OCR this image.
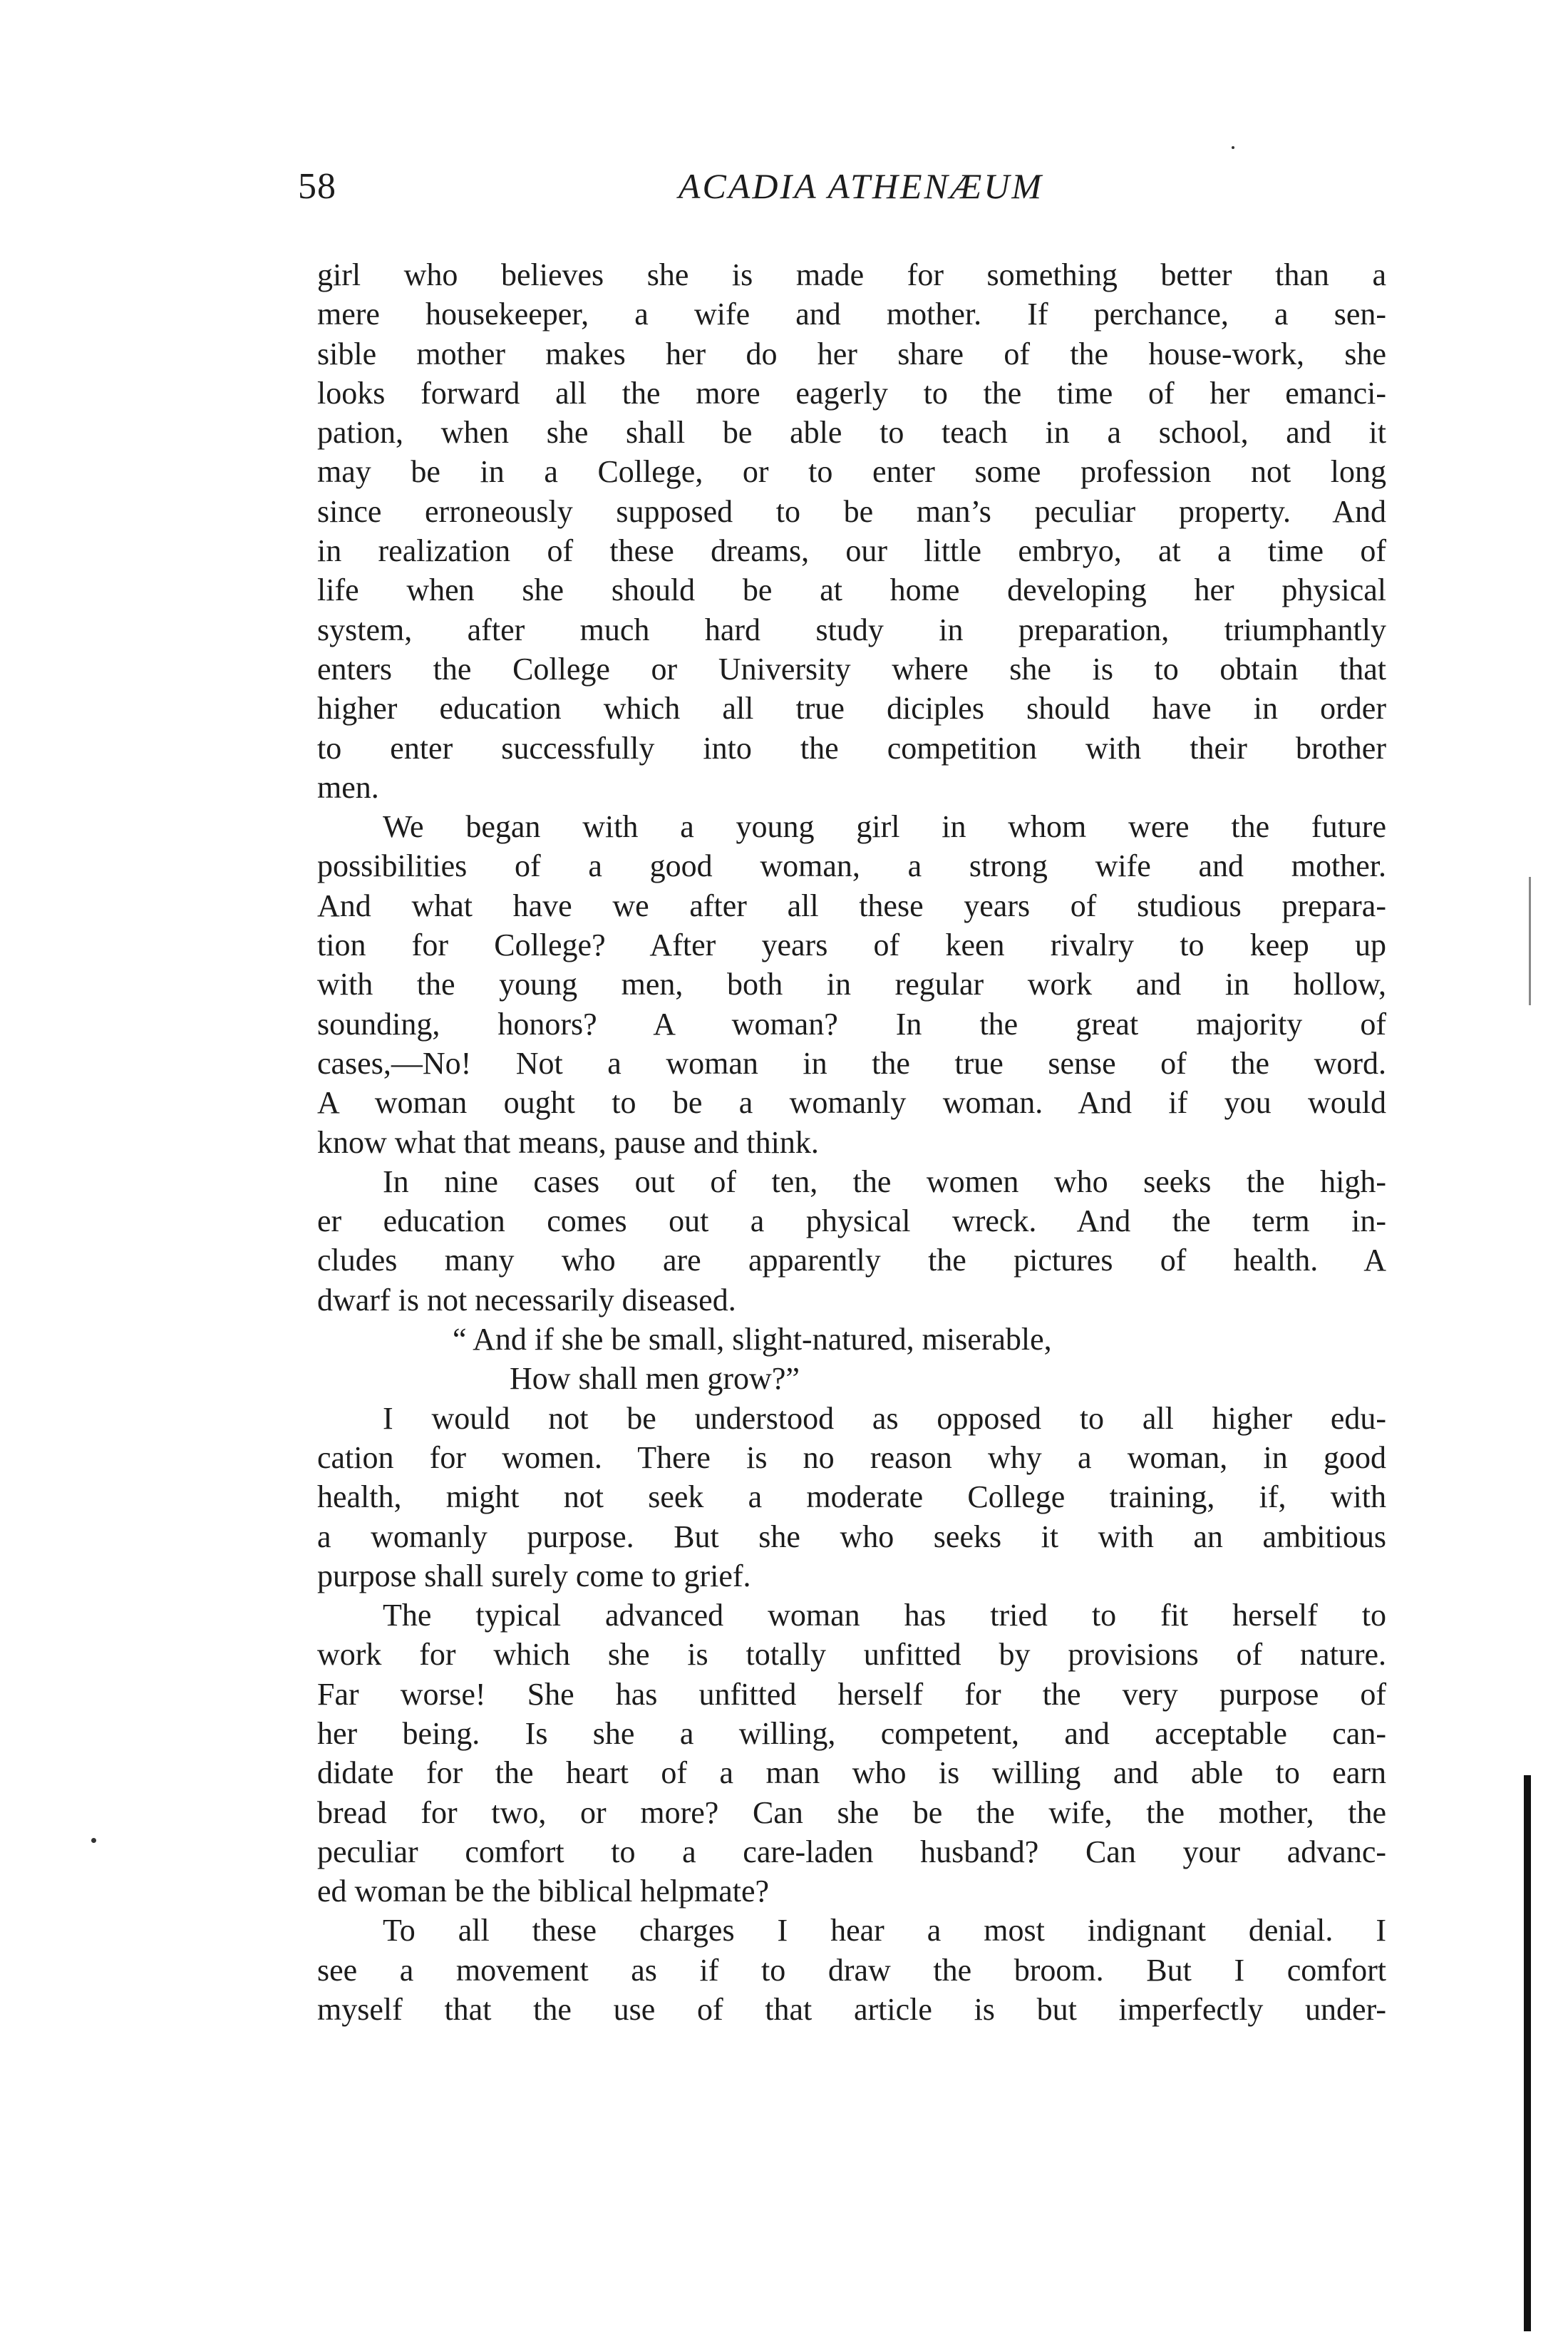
58	ACADIA ATHENÆUM
girl who believes she is made for something better than a
mere housekeeper, a wife and mother. If perchance, a sen-
sible mother makes her do her share of the house-work, she
looks forward all the more eagerly to the time of her emanci-
pation, when she shall be able to teach in a school, and it
may be in a College, or to enter some profession not long
since erroneously supposed to be man’s peculiar property. And
in realization of these dreams, our little embryo, at a time of
life when she should be at home developing her physical
system, after much hard study in preparation, triumphantly
enters the College or University where she is to obtain that
higher education which all true diciples should have in order
to enter successfully into the competition with their brother
men.
We began with a young girl in whom were the future
possibilities of a good woman, a strong wife and mother.
And what have we after all these years of studious prepara-
tion for College? After years of keen rivalry to keep up
with the young men, both in regular work and in hollow,
sounding, honors? A woman? In the great majority of
cases,—No! Not a woman in the true sense of the word.
A woman ought to be a womanly woman. And if you would
know what that means, pause and think.
In nine cases out of ten, the women who seeks the high-
er education comes out a physical wreck. And the term in-
cludes many who are apparently the pictures of health. A
dwarf is not necessarily diseased.
“ And if she be small, slight-natured, miserable,
How shall men grow?”
I would not be understood as opposed to all higher edu-
cation for women. There is no reason why a woman, in good
health, might not seek a moderate College training, if, with
a womanly purpose. But she who seeks it with an ambitious
purpose shall surely come to grief.
The typical advanced woman has tried to fit herself to
work for which she is totally unfitted by provisions of nature.
Far worse! She has unfitted herself for the very purpose of
her being. Is she a willing, competent, and acceptable can-
didate for the heart of a man who is willing and able to earn
bread for two, or more? Can she be the wife, the mother, the
peculiar comfort to a care-laden husband? Can your advanc-
ed woman be the biblical helpmate?
To all these charges I hear a most indignant denial. I
see a movement as if to draw the broom. But I comfort
myself that the use of that article is but imperfectly under-
